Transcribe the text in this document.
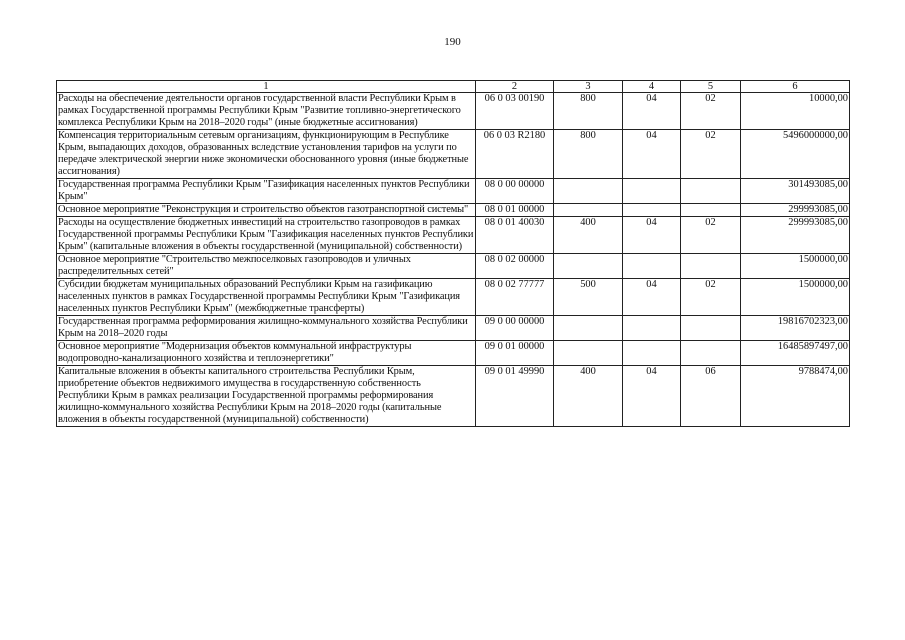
190
1	2	3	4	5	6
Расходы на обеспечение деятельности органов государственной власти Республики Крым в рамках Государственной программы Республики Крым "Развитие топливно-энергетического комплекса Республики Крым на 2018–2020 годы" (иные бюджетные ассигнования)	06 0 03 00190	800	04	02	10000,00
Компенсация территориальным сетевым организациям, функционирующим в Республике Крым, выпадающих доходов, образованных вследствие установления тарифов на услуги по передаче электрической энергии ниже экономически обоснованного уровня (иные бюджетные ассигнования)	06 0 03 R2180	800	04	02	5496000000,00
Государственная программа Республики Крым "Газификация населенных пунктов Республики Крым"	08 0 00 00000				301493085,00
Основное мероприятие "Реконструкция и строительство объектов газотранспортной системы"	08 0 01 00000				299993085,00
Расходы на осуществление бюджетных инвестиций на строительство газопроводов в рамках Государственной программы Республики Крым "Газификация населенных пунктов Республики Крым" (капитальные вложения в объекты государственной (муниципальной) собственности)	08 0 01 40030	400	04	02	299993085,00
Основное мероприятие "Строительство межпоселковых газопроводов и уличных распределительных сетей"	08 0 02 00000				1500000,00
Субсидии бюджетам муниципальных образований Республики Крым на газификацию населенных пунктов в рамках Государственной программы Республики Крым "Газификация населенных пунктов Республики Крым" (межбюджетные трансферты)	08 0 02 77777	500	04	02	1500000,00
Государственная программа реформирования жилищно-коммунального хозяйства Республики Крым на 2018–2020 годы	09 0 00 00000				19816702323,00
Основное мероприятие "Модернизация объектов коммунальной инфраструктуры водопроводно-канализационного хозяйства и теплоэнергетики"	09 0 01 00000				16485897497,00
Капитальные вложения в объекты капитального строительства Республики Крым, приобретение объектов недвижимого имущества в государственную собственность Республики Крым в рамках реализации Государственной программы реформирования жилищно-коммунального хозяйства Республики Крым на 2018–2020 годы (капитальные вложения в объекты государственной (муниципальной) собственности)	09 0 01 49990	400	04	06	9788474,00
